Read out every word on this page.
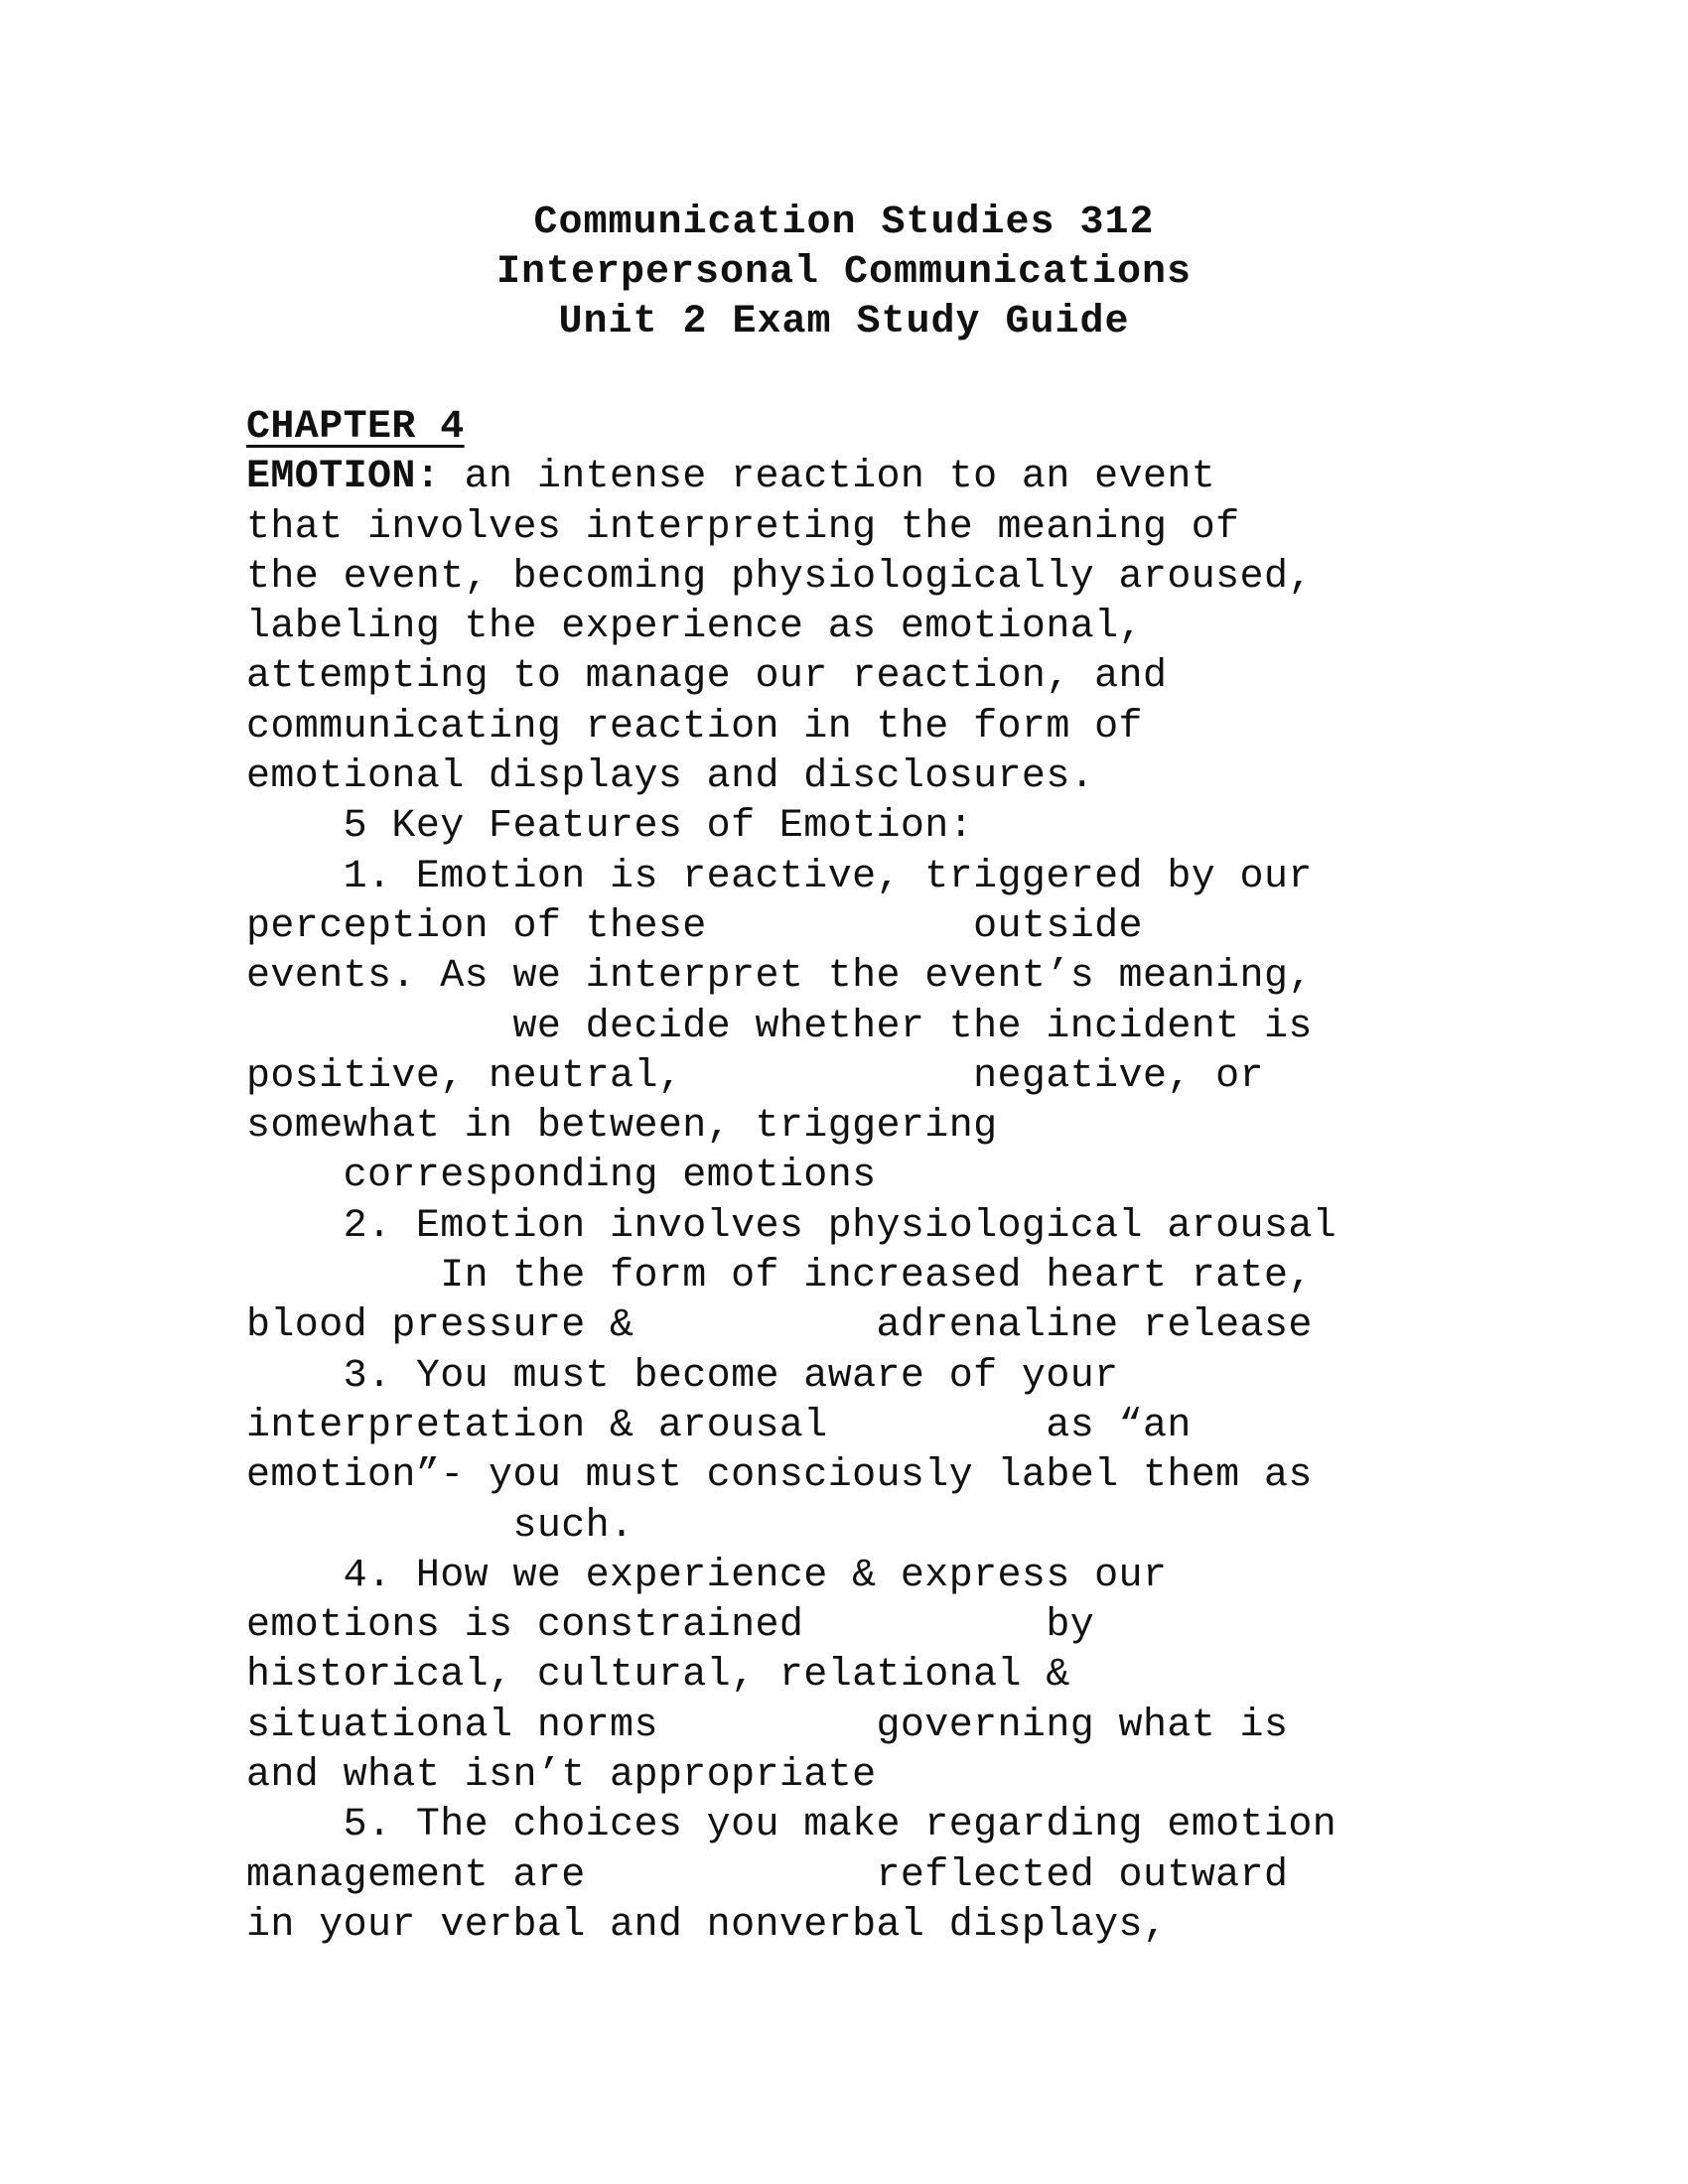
Communication Studies 312
Interpersonal Communications
Unit 2 Exam Study Guide
CHAPTER 4
EMOTION: an intense reaction to an event
that involves interpreting the meaning of
the event, becoming physiologically aroused,
labeling the experience as emotional,
attempting to manage our reaction, and
communicating reaction in the form of
emotional displays and disclosures.
5 Key Features of Emotion:
1. Emotion is reactive, triggered by our
perception of these           outside
events. As we interpret the event’s meaning,
we decide whether the incident is
positive, neutral,            negative, or
somewhat in between, triggering
corresponding emotions
2. Emotion involves physiological arousal
In the form of increased heart rate,
blood pressure &          adrenaline release
3. You must become aware of your
interpretation & arousal         as “an
emotion”- you must consciously label them as
such.
4. How we experience & express our
emotions is constrained          by
historical, cultural, relational &
situational norms         governing what is
and what isn’t appropriate
5. The choices you make regarding emotion
management are            reflected outward
in your verbal and nonverbal displays,
